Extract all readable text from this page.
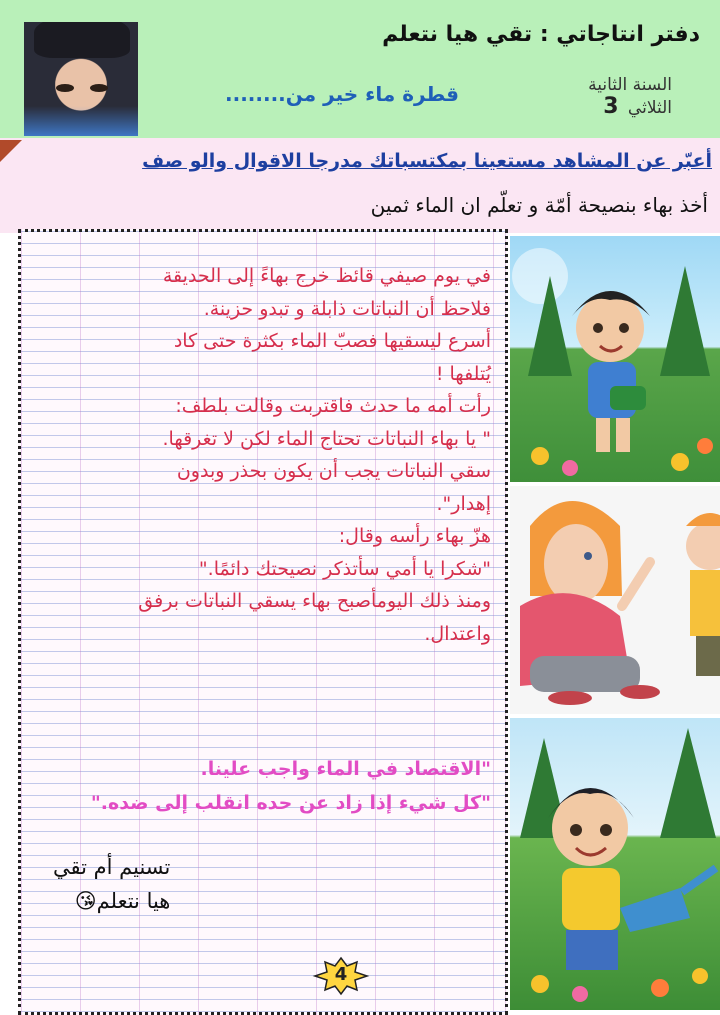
دفتر انتاجاتي : تقي هيا نتعلم
قطرة ماء خير من........	السنة الثانية
الثلاثي 3
أعبّر عن المشاهد مستعينا بمكتسباتك مدرجا الاقوال والو صف
أخذ بهاء بنصيحة أمّة و تعلّم ان الماء ثمين
في يوم صيفي قائظ خرج بهاءً إلى الحديقة
فلاحظ أن النباتات ذابلة و تبدو حزينة.
أسرع ليسقيها فصبّ الماء بكثرة حتى كاد
يُتلفها !
رأت أمه ما حدث فاقتربت وقالت بلطف:
" يا بهاء النباتات تحتاج الماء لكن لا تغرقها.
سقي النباتات يجب أن يكون بحذر وبدون
إهدار".
هزّ بهاء رأسه وقال:
"شكرا يا أمي سأتذكر نصيحتك دائمًا."
ومنذ ذلك اليومأصبح بهاء يسقي النباتات برفق
واعتدال.
"الاقتصاد في الماء واجب علينا.
"كل شيء إذا زاد عن حده انقلب إلى ضده."
تسنيم أم تقي
هيا نتعلم😘
4
